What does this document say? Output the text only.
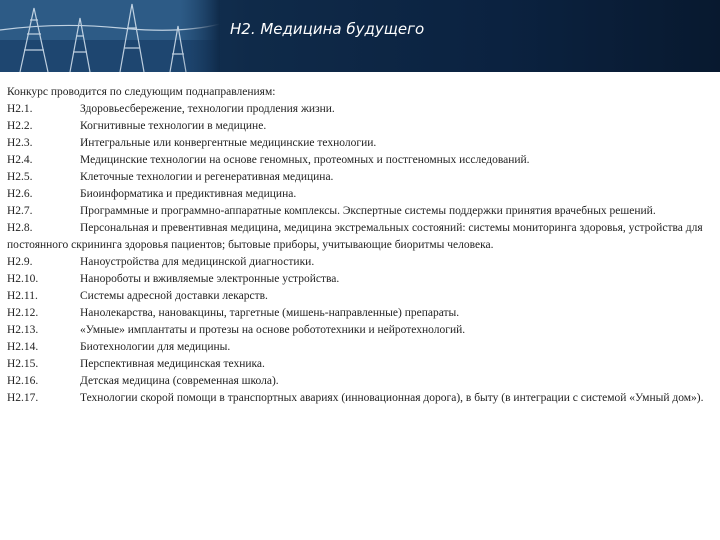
Н2. Медицина будущего

Конкурс проводится по следующим поднаправлениям:

Н2.1.	Здоровьесбережение, технологии продления жизни.
Н2.2.	Когнитивные технологии в медицине.
Н2.3.	Интегральные или конвергентные медицинские технологии.
Н2.4.	Медицинские технологии на основе геномных, протеомных и постгеномных исследований.
Н2.5.	Клеточные технологии и регенеративная медицина.
Н2.6.	Биоинформатика и предиктивная медицина.
Н2.7.	Программные и программно-аппаратные комплексы. Экспертные системы поддержки принятия врачебных решений.
Н2.8.	Персональная и превентивная медицина, медицина экстремальных состояний: системы мониторинга здоровья, устройства для постоянного скрининга здоровья пациентов; бытовые приборы, учитывающие биоритмы человека.
Н2.9.	Наноустройства для медицинской диагностики.
Н2.10.	Нанороботы и вживляемые электронные устройства.
Н2.11.	Системы адресной доставки лекарств.
Н2.12.	Нанолекарства, нановакцины, таргетные (мишень-направленные) препараты.
Н2.13.	«Умные» имплантаты и протезы на основе робототехники и нейротехнологий.
Н2.14.	Биотехнологии для медицины.
Н2.15.	Перспективная медицинская техника.
Н2.16.	Детская медицина (современная школа).
Н2.17.	Технологии скорой помощи в транспортных авариях (инновационная дорога), в быту (в интеграции с системой «Умный дом»).
